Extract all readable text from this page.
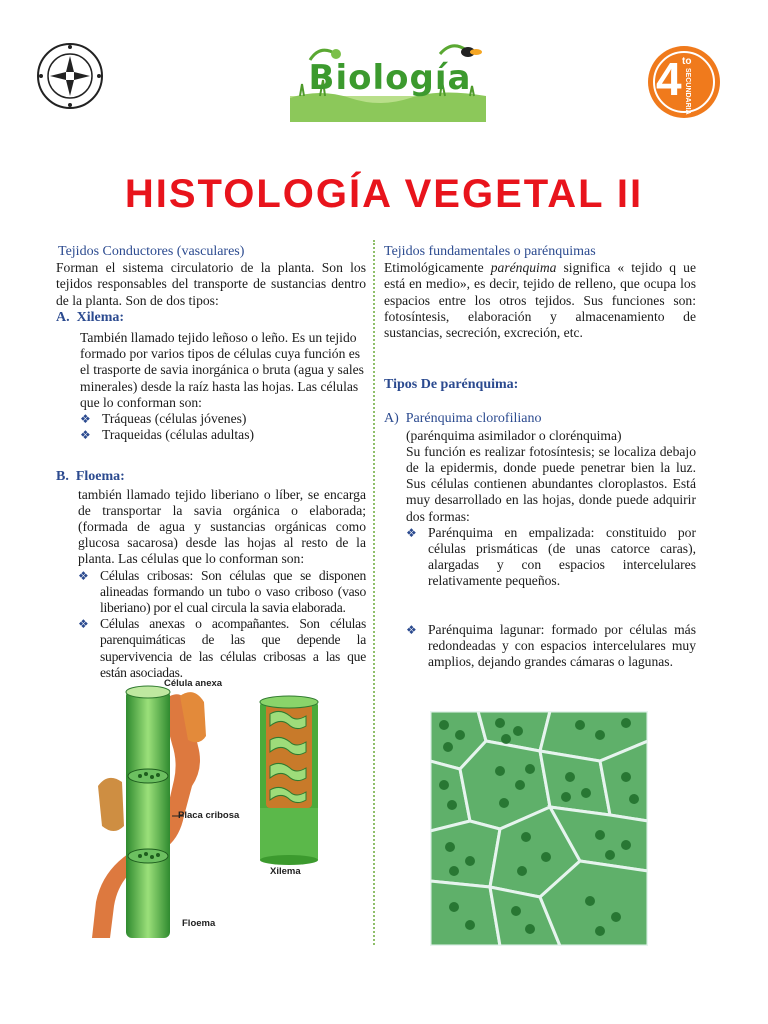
Biología	4 to
SECUNDARIA
HISTOLOGÍA VEGETAL II

Tejidos Conductores (vasculares)

Forman el sistema circulatorio de la planta. Son los tejidos responsables del transporte de sustancias dentro de la planta. Son de dos tipos:

A.  Xilema:

También llamado tejido leñoso o leño. Es un tejido formado por varios tipos de células cuya función es el trasporte de savia inorgánica o bruta (agua y sales minerales) desde la raíz hasta las hojas. Las células que lo conforman son:

❖ Tráqueas (células jóvenes)
❖ Traqueidas (células adultas)

B.  Floema:

también llamado tejido liberiano o líber, se encarga de transportar la savia orgánica o elaborada; (formada de agua y sustancias orgánicas como glucosa sacarosa) desde las hojas al resto de la planta. Las células que lo conforman son:

❖ Células cribosas: Son células que se disponen alineadas formando un tubo o vaso criboso (vaso liberiano) por el cual circula la savia elaborada.
❖ Células anexas o acompañantes. Son células parenquimáticas de las que depende la supervivencia de las células cribosas a las que están asociadas.
Célula anexa
Placa cribosa
Floema
Xilema

Tejidos fundamentales o parénquimas

Etimológicamente parénquima significa « tejido q ue está en medio», es decir, tejido de relleno, que ocupa los espacios entre los otros tejidos. Sus funciones son: fotosíntesis, elaboración y almacenamiento de sustancias, secreción, excreción, etc.

Tipos De parénquima:

A)  Parénquima clorofiliano

(parénquima asimilador o clorénquima)

Su función es realizar fotosíntesis; se localiza debajo de la epidermis, donde puede penetrar bien la luz. Sus células contienen abundantes cloroplastos. Está muy desarrollado en las hojas, donde puede adquirir dos formas:

❖ Parénquima en empalizada: constituido por células prismáticas (de unas catorce caras), alargadas y con espacios intercelulares relativamente pequeños.
❖ Parénquima lagunar: formado por células más redondeadas y con espacios intercelulares muy amplios, dejando grandes cámaras o lagunas.
